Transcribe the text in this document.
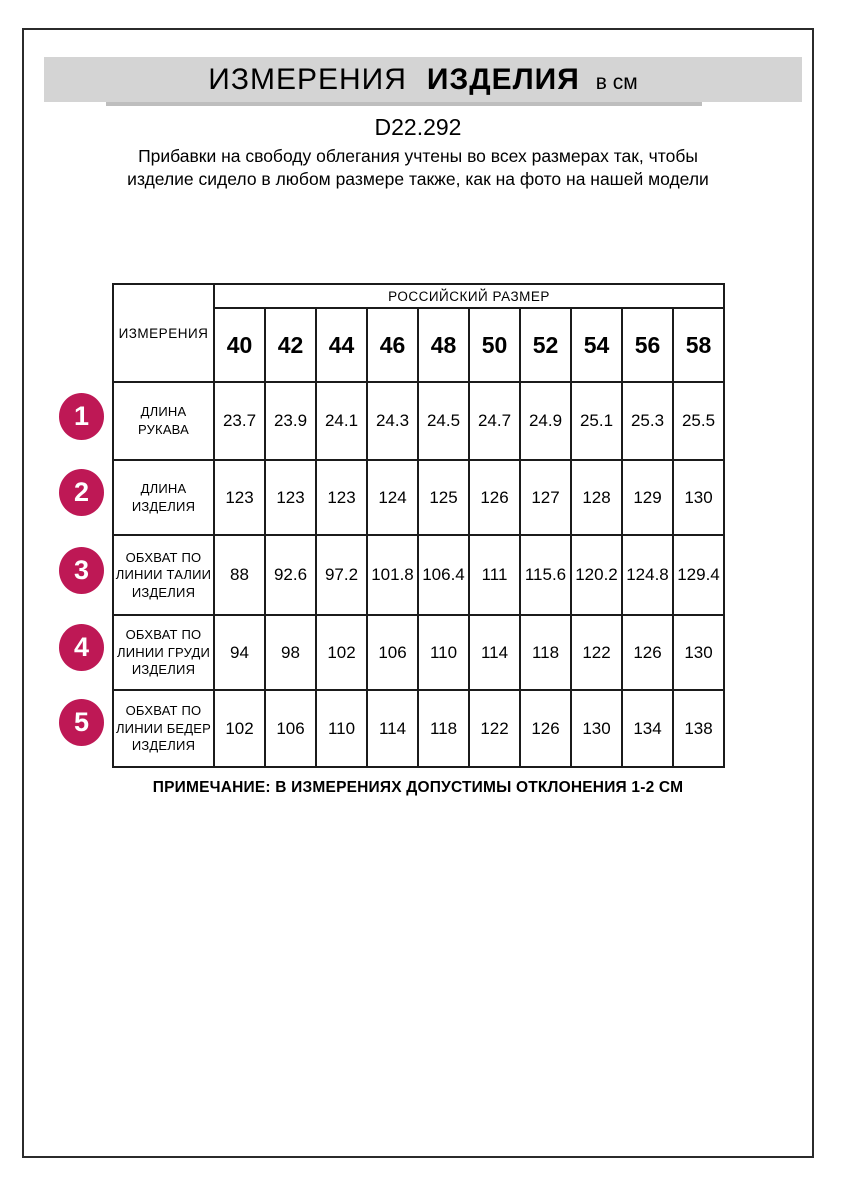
ИЗМЕРЕНИЯ ИЗДЕЛИЯ в см
D22.292
Прибавки на свободу облегания учтены во всех размерах так, чтобы изделие сидело в любом размере также, как на фото на нашей модели
ИЗМЕРЕНИЯ	РОССИЙСКИЙ РАЗМЕР									
	40	42	44	46	48	50	52	54	56	58
ДЛИНА РУКАВА	23.7	23.9	24.1	24.3	24.5	24.7	24.9	25.1	25.3	25.5
ДЛИНА ИЗДЕЛИЯ	123	123	123	124	125	126	127	128	129	130
ОБХВАТ ПО ЛИНИИ ТАЛИИ ИЗДЕЛИЯ	88	92.6	97.2	101.8	106.4	111	115.6	120.2	124.8	129.4
ОБХВАТ ПО ЛИНИИ ГРУДИ ИЗДЕЛИЯ	94	98	102	106	110	114	118	122	126	130
ОБХВАТ ПО ЛИНИИ БЕДЕР ИЗДЕЛИЯ	102	106	110	114	118	122	126	130	134	138
1
2
3
4
5
ПРИМЕЧАНИЕ: В ИЗМЕРЕНИЯХ ДОПУСТИМЫ ОТКЛОНЕНИЯ 1-2 СМ
